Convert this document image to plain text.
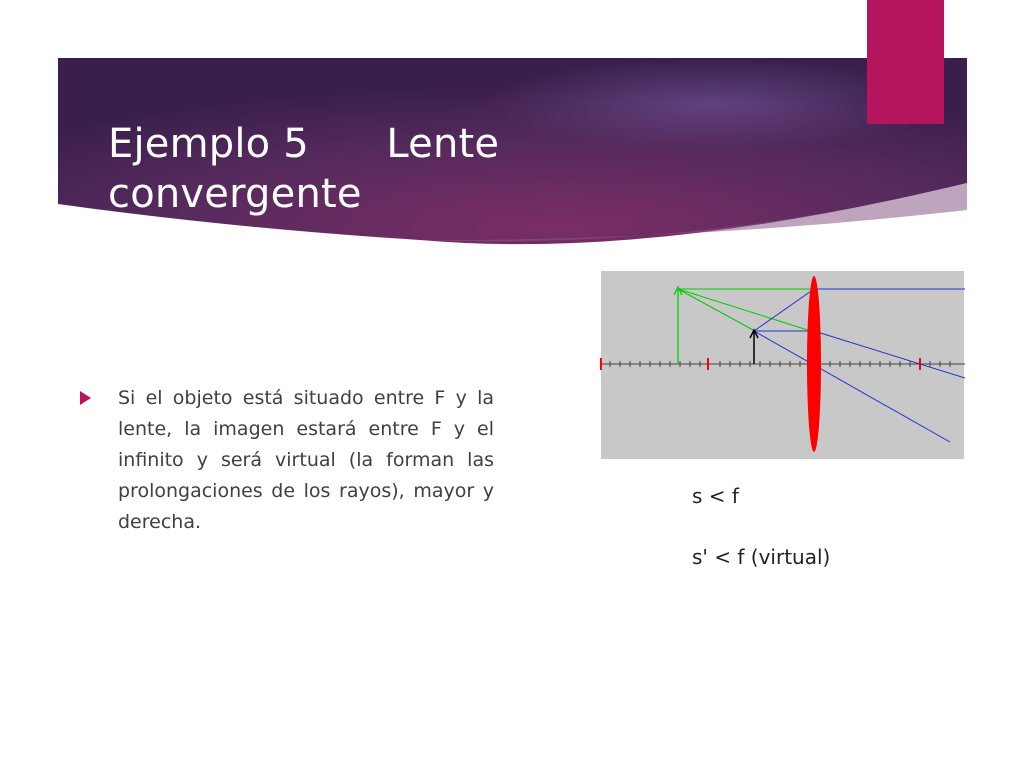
Ejemplo 5      Lente
convergente
Si el objeto está situado entre F y la lente, la imagen estará entre F y el infinito y será virtual (la forman las prolongaciones de los rayos), mayor y derecha.
s < f
s' < f (virtual)
